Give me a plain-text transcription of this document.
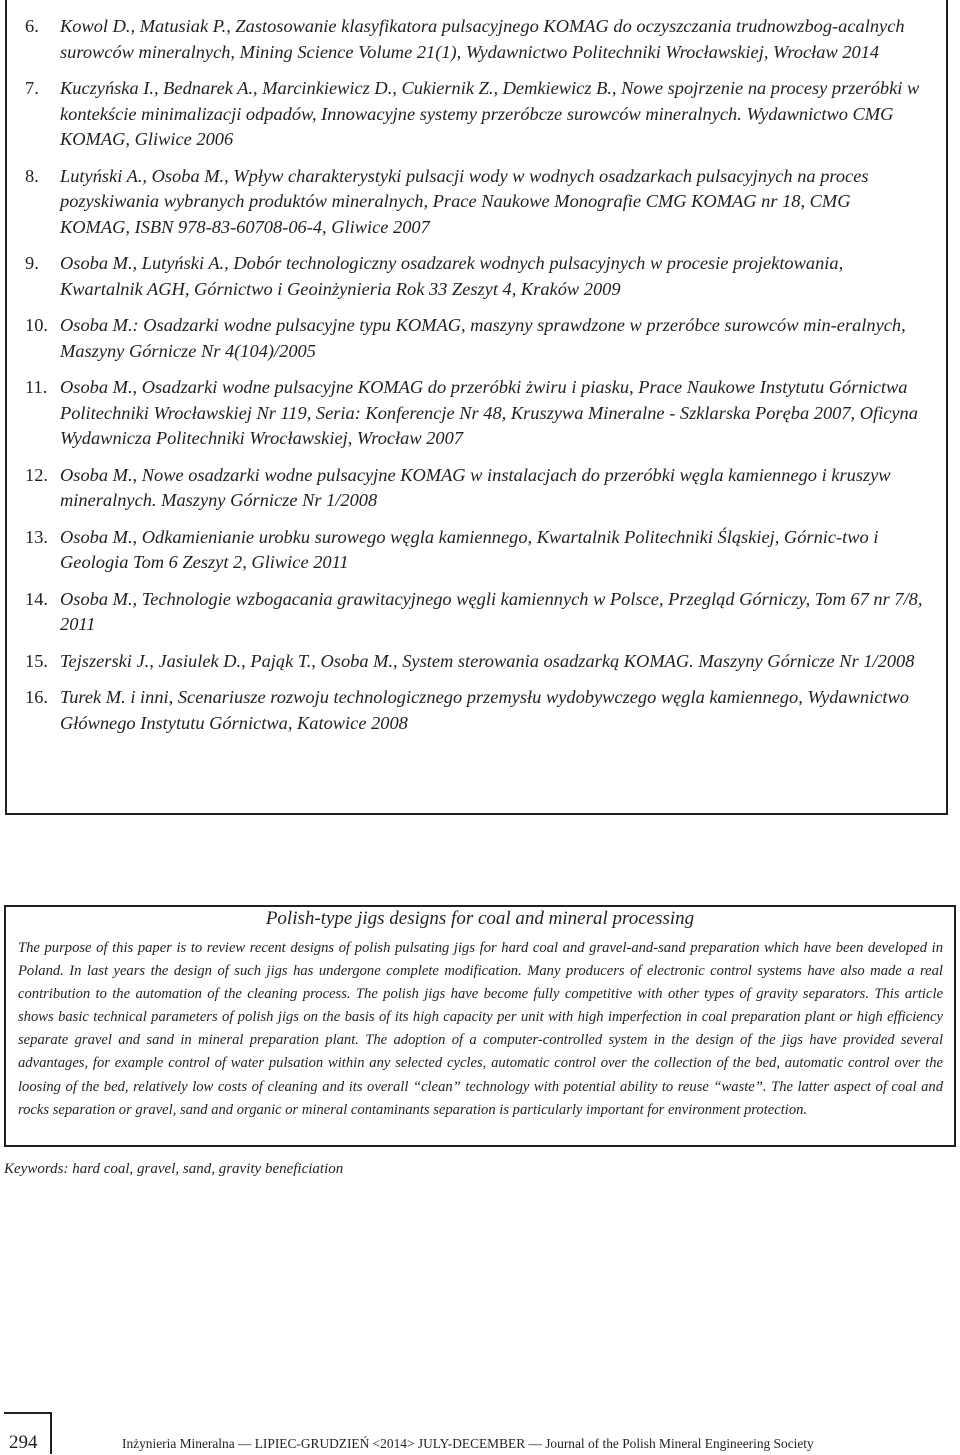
6. Kowol D., Matusiak P., Zastosowanie klasyfikatora pulsacyjnego KOMAG do oczyszczania trudnowzbog-acalnych surowców mineralnych, Mining Science Volume 21(1), Wydawnictwo Politechniki Wrocławskiej, Wrocław 2014
7. Kuczyńska I., Bednarek A., Marcinkiewicz D., Cukiernik Z., Demkiewicz B., Nowe spojrzenie na procesy przeróbki w kontekście minimalizacji odpadów, Innowacyjne systemy przeróbcze surowców mineralnych. Wydawnictwo CMG KOMAG, Gliwice 2006
8. Lutyński A., Osoba M., Wpływ charakterystyki pulsacji wody w wodnych osadzarkach pulsacyjnych na proces pozyskiwania wybranych produktów mineralnych, Prace Naukowe Monografie CMG KOMAG nr 18, CMG KOMAG, ISBN 978-83-60708-06-4, Gliwice 2007
9. Osoba M., Lutyński A., Dobór technologiczny osadzarek wodnych pulsacyjnych w procesie projektowania, Kwartalnik AGH, Górnictwo i Geoinżynieria Rok 33 Zeszyt 4, Kraków 2009
10. Osoba M.: Osadzarki wodne pulsacyjne typu KOMAG, maszyny sprawdzone w przeróbce surowców min-eralnych, Maszyny Górnicze Nr 4(104)/2005
11. Osoba M., Osadzarki wodne pulsacyjne KOMAG do przeróbki żwiru i piasku, Prace Naukowe Instytutu Górnictwa Politechniki Wrocławskiej Nr 119, Seria: Konferencje Nr 48, Kruszywa Mineralne - Szklarska Poręba 2007, Oficyna Wydawnicza Politechniki Wrocławskiej, Wrocław 2007
12. Osoba M., Nowe osadzarki wodne pulsacyjne KOMAG w instalacjach do przeróbki węgla kamiennego i kruszyw mineralnych. Maszyny Górnicze Nr 1/2008
13. Osoba M., Odkamienianie urobku surowego węgla kamiennego, Kwartalnik Politechniki Śląskiej, Górnic-two i Geologia Tom 6 Zeszyt 2, Gliwice 2011
14. Osoba M., Technologie wzbogacania grawitacyjnego węgli kamiennych w Polsce, Przegląd Górniczy, Tom 67 nr 7/8, 2011
15. Tejszerski J., Jasiulek D., Pająk T., Osoba M., System sterowania osadzarką KOMAG. Maszyny Górnicze Nr 1/2008
16. Turek M. i inni, Scenariusze rozwoju technologicznego przemysłu wydobywczego węgla kamiennego, Wydawnictwo Głównego Instytutu Górnictwa, Katowice 2008
Polish-type jigs designs for coal and mineral processing

The purpose of this paper is to review recent designs of polish pulsating jigs for hard coal and gravel-and-sand preparation which have been developed in Poland. In last years the design of such jigs has undergone complete modification. Many producers of electronic control systems have also made a real contribution to the automation of the cleaning process. The polish jigs have become fully competitive with other types of gravity separators. This article shows basic technical parameters of polish jigs on the basis of its high capacity per unit with high imperfection in coal preparation plant or high efficiency separate gravel and sand in mineral preparation plant. The adoption of a computer-controlled system in the design of the jigs have provided several advantages, for example control of water pulsation within any selected cycles, automatic control over the collection of the bed, automatic control over the loosing of the bed, relatively low costs of cleaning and its overall “clean” technology with potential ability to reuse “waste”. The latter aspect of coal and rocks separation or gravel, sand and organic or mineral contaminants separation is particularly important for environment protection.

Keywords: hard coal, gravel, sand, gravity beneficiation
294	Inżynieria Mineralna — LIPIEC-GRUDZIEŃ <2014> JULY-DECEMBER — Journal of the Polish Mineral Engineering Society
